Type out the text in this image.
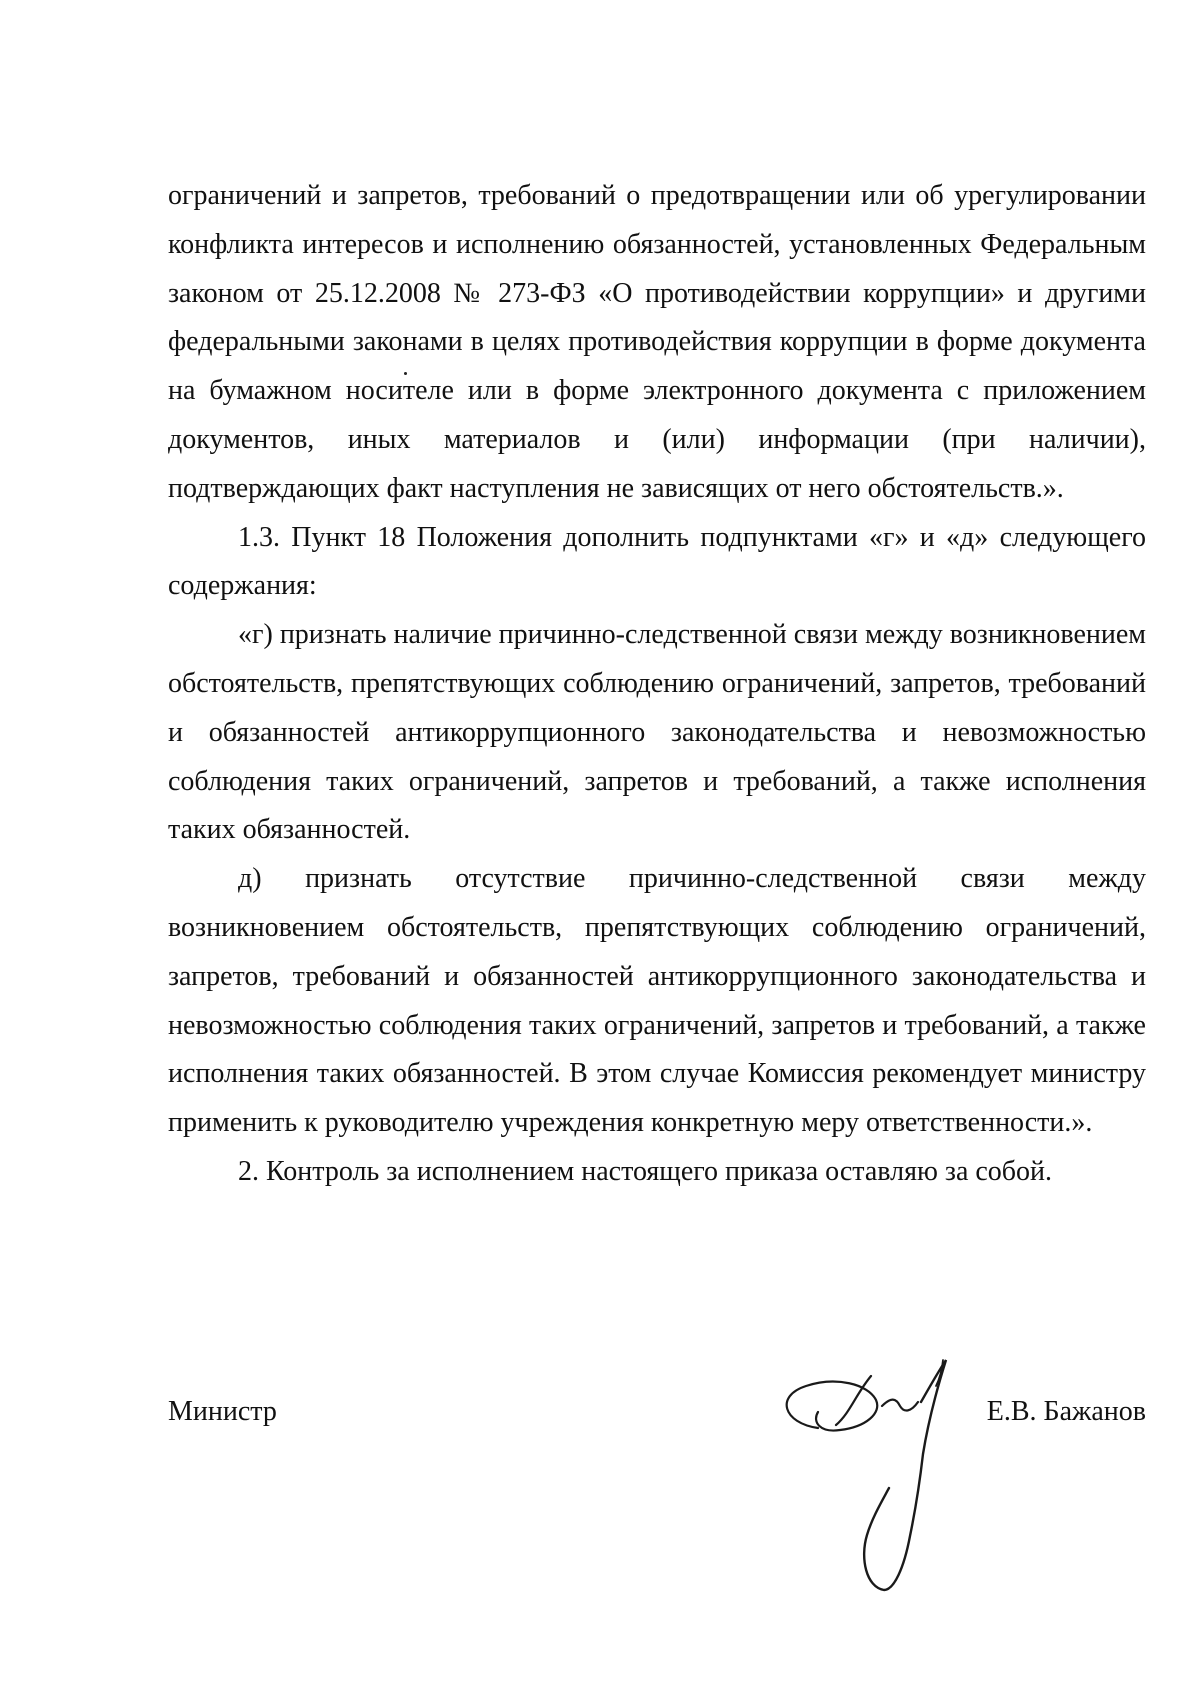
ограничений и запретов, требований о предотвращении или об урегулировании конфликта интересов и исполнению обязанностей, установленных Федеральным законом от 25.12.2008 № 273-ФЗ «О противодействии коррупции» и другими федеральными законами в целях противодействия коррупции в форме документа на бумажном носителе или в форме электронного документа с приложением документов, иных материалов и (или) информации (при наличии), подтверждающих факт наступления не зависящих от него обстоятельств.».

1.3. Пункт 18 Положения дополнить подпунктами «г» и «д» следующего содержания:

«г) признать наличие причинно-следственной связи между возникновением обстоятельств, препятствующих соблюдению ограничений, запретов, требований и обязанностей антикоррупционного законодательства и невозможностью соблюдения таких ограничений, запретов и требований, а также исполнения таких обязанностей.

д) признать отсутствие причинно-следственной связи между возникновением обстоятельств, препятствующих соблюдению ограничений, запретов, требований и обязанностей антикоррупционного законодательства и невозможностью соблюдения таких ограничений, запретов и требований, а также исполнения таких обязанностей. В этом случае Комиссия рекомендует министру применить к руководителю учреждения конкретную меру ответственности.».

2. Контроль за исполнением настоящего приказа оставляю за собой.

Министр	Е.В. Бажанов
